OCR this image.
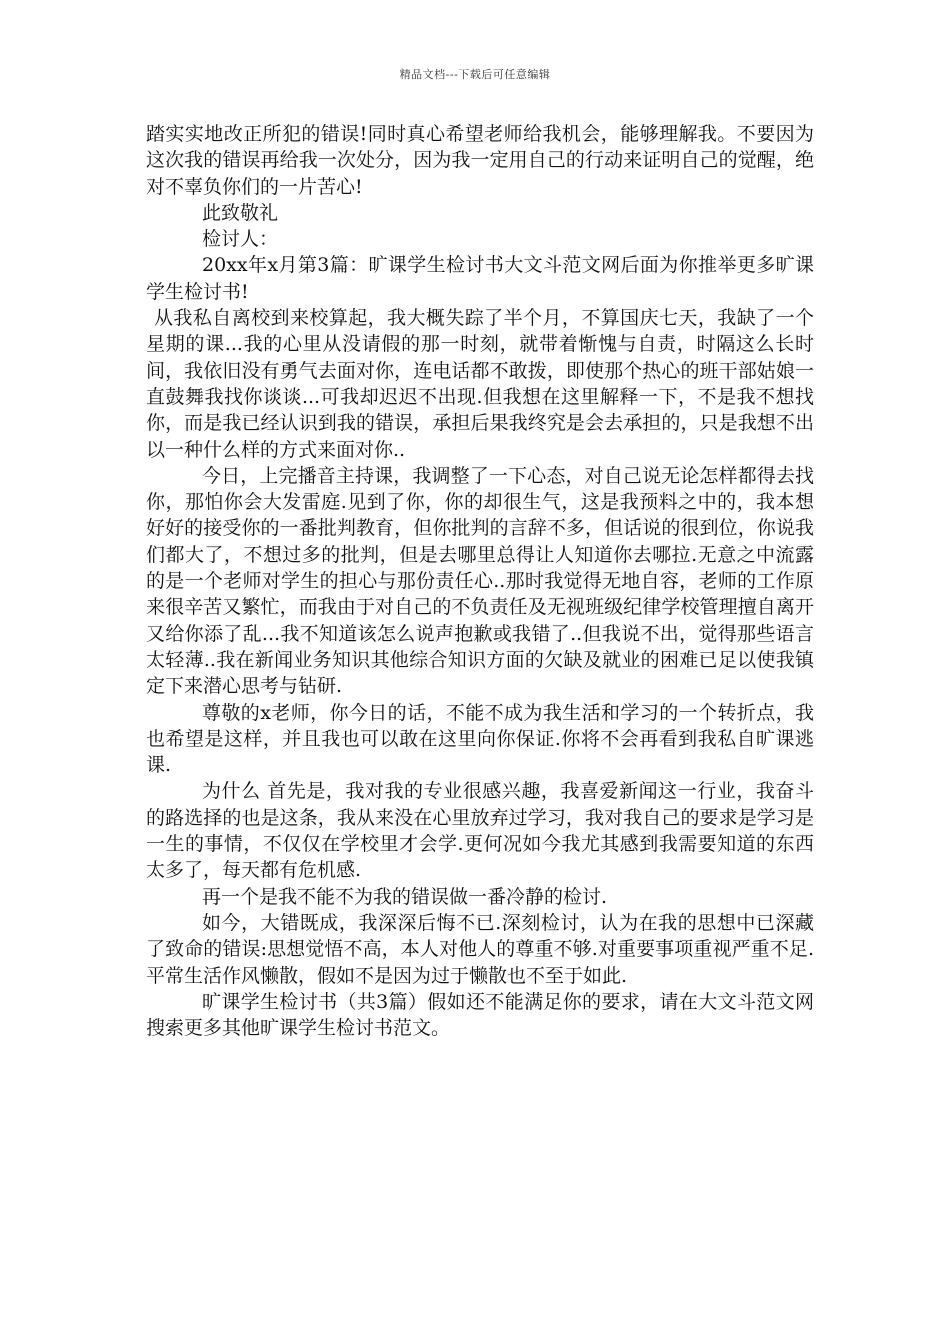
精品文档---下载后可任意编辑

踏实实地改正所犯的错误!同时真心希望老师给我机会，能够理解我。不要因为这次我的错误再给我一次处分，因为我一定用自己的行动来证明自己的觉醒，绝对不辜负你们的一片苦心!

此致敬礼

检讨人：

20xx年x月第3篇：旷课学生检讨书大文斗范文网后面为你推举更多旷课学生检讨书!

从我私自离校到来校算起，我大概失踪了半个月，不算国庆七天，我缺了一个星期的课...我的心里从没请假的那一时刻，就带着惭愧与自责，时隔这么长时间，我依旧没有勇气去面对你，连电话都不敢拨，即使那个热心的班干部姑娘一直鼓舞我找你谈谈...可我却迟迟不出现.但我想在这里解释一下，不是我不想找你，而是我已经认识到我的错误，承担后果我终究是会去承担的，只是我想不出以一种什么样的方式来面对你..

今日，上完播音主持课，我调整了一下心态，对自己说无论怎样都得去找你，那怕你会大发雷庭.见到了你，你的却很生气，这是我预料之中的，我本想好好的接受你的一番批判教育，但你批判的言辞不多，但话说的很到位，你说我们都大了，不想过多的批判，但是去哪里总得让人知道你去哪拉.无意之中流露的是一个老师对学生的担心与那份责任心..那时我觉得无地自容，老师的工作原来很辛苦又繁忙，而我由于对自己的不负责任及无视班级纪律学校管理擅自离开又给你添了乱...我不知道该怎么说声抱歉或我错了..但我说不出，觉得那些语言太轻薄..我在新闻业务知识其他综合知识方面的欠缺及就业的困难已足以使我镇定下来潜心思考与钻研.

尊敬的x老师，你今日的话，不能不成为我生活和学习的一个转折点，我也希望是这样，并且我也可以敢在这里向你保证.你将不会再看到我私自旷课逃课.

为什么 首先是，我对我的专业很感兴趣，我喜爱新闻这一行业，我奋斗的路选择的也是这条，我从来没在心里放弃过学习，我对我自己的要求是学习是一生的事情，不仅仅在学校里才会学.更何况如今我尤其感到我需要知道的东西太多了，每天都有危机感.

再一个是我不能不为我的错误做一番冷静的检讨.

如今，大错既成，我深深后悔不已.深刻检讨，认为在我的思想中已深藏了致命的错误:思想觉悟不高，本人对他人的尊重不够.对重要事项重视严重不足.平常生活作风懒散，假如不是因为过于懒散也不至于如此.

旷课学生检讨书（共3篇）假如还不能满足你的要求，请在大文斗范文网搜索更多其他旷课学生检讨书范文。
